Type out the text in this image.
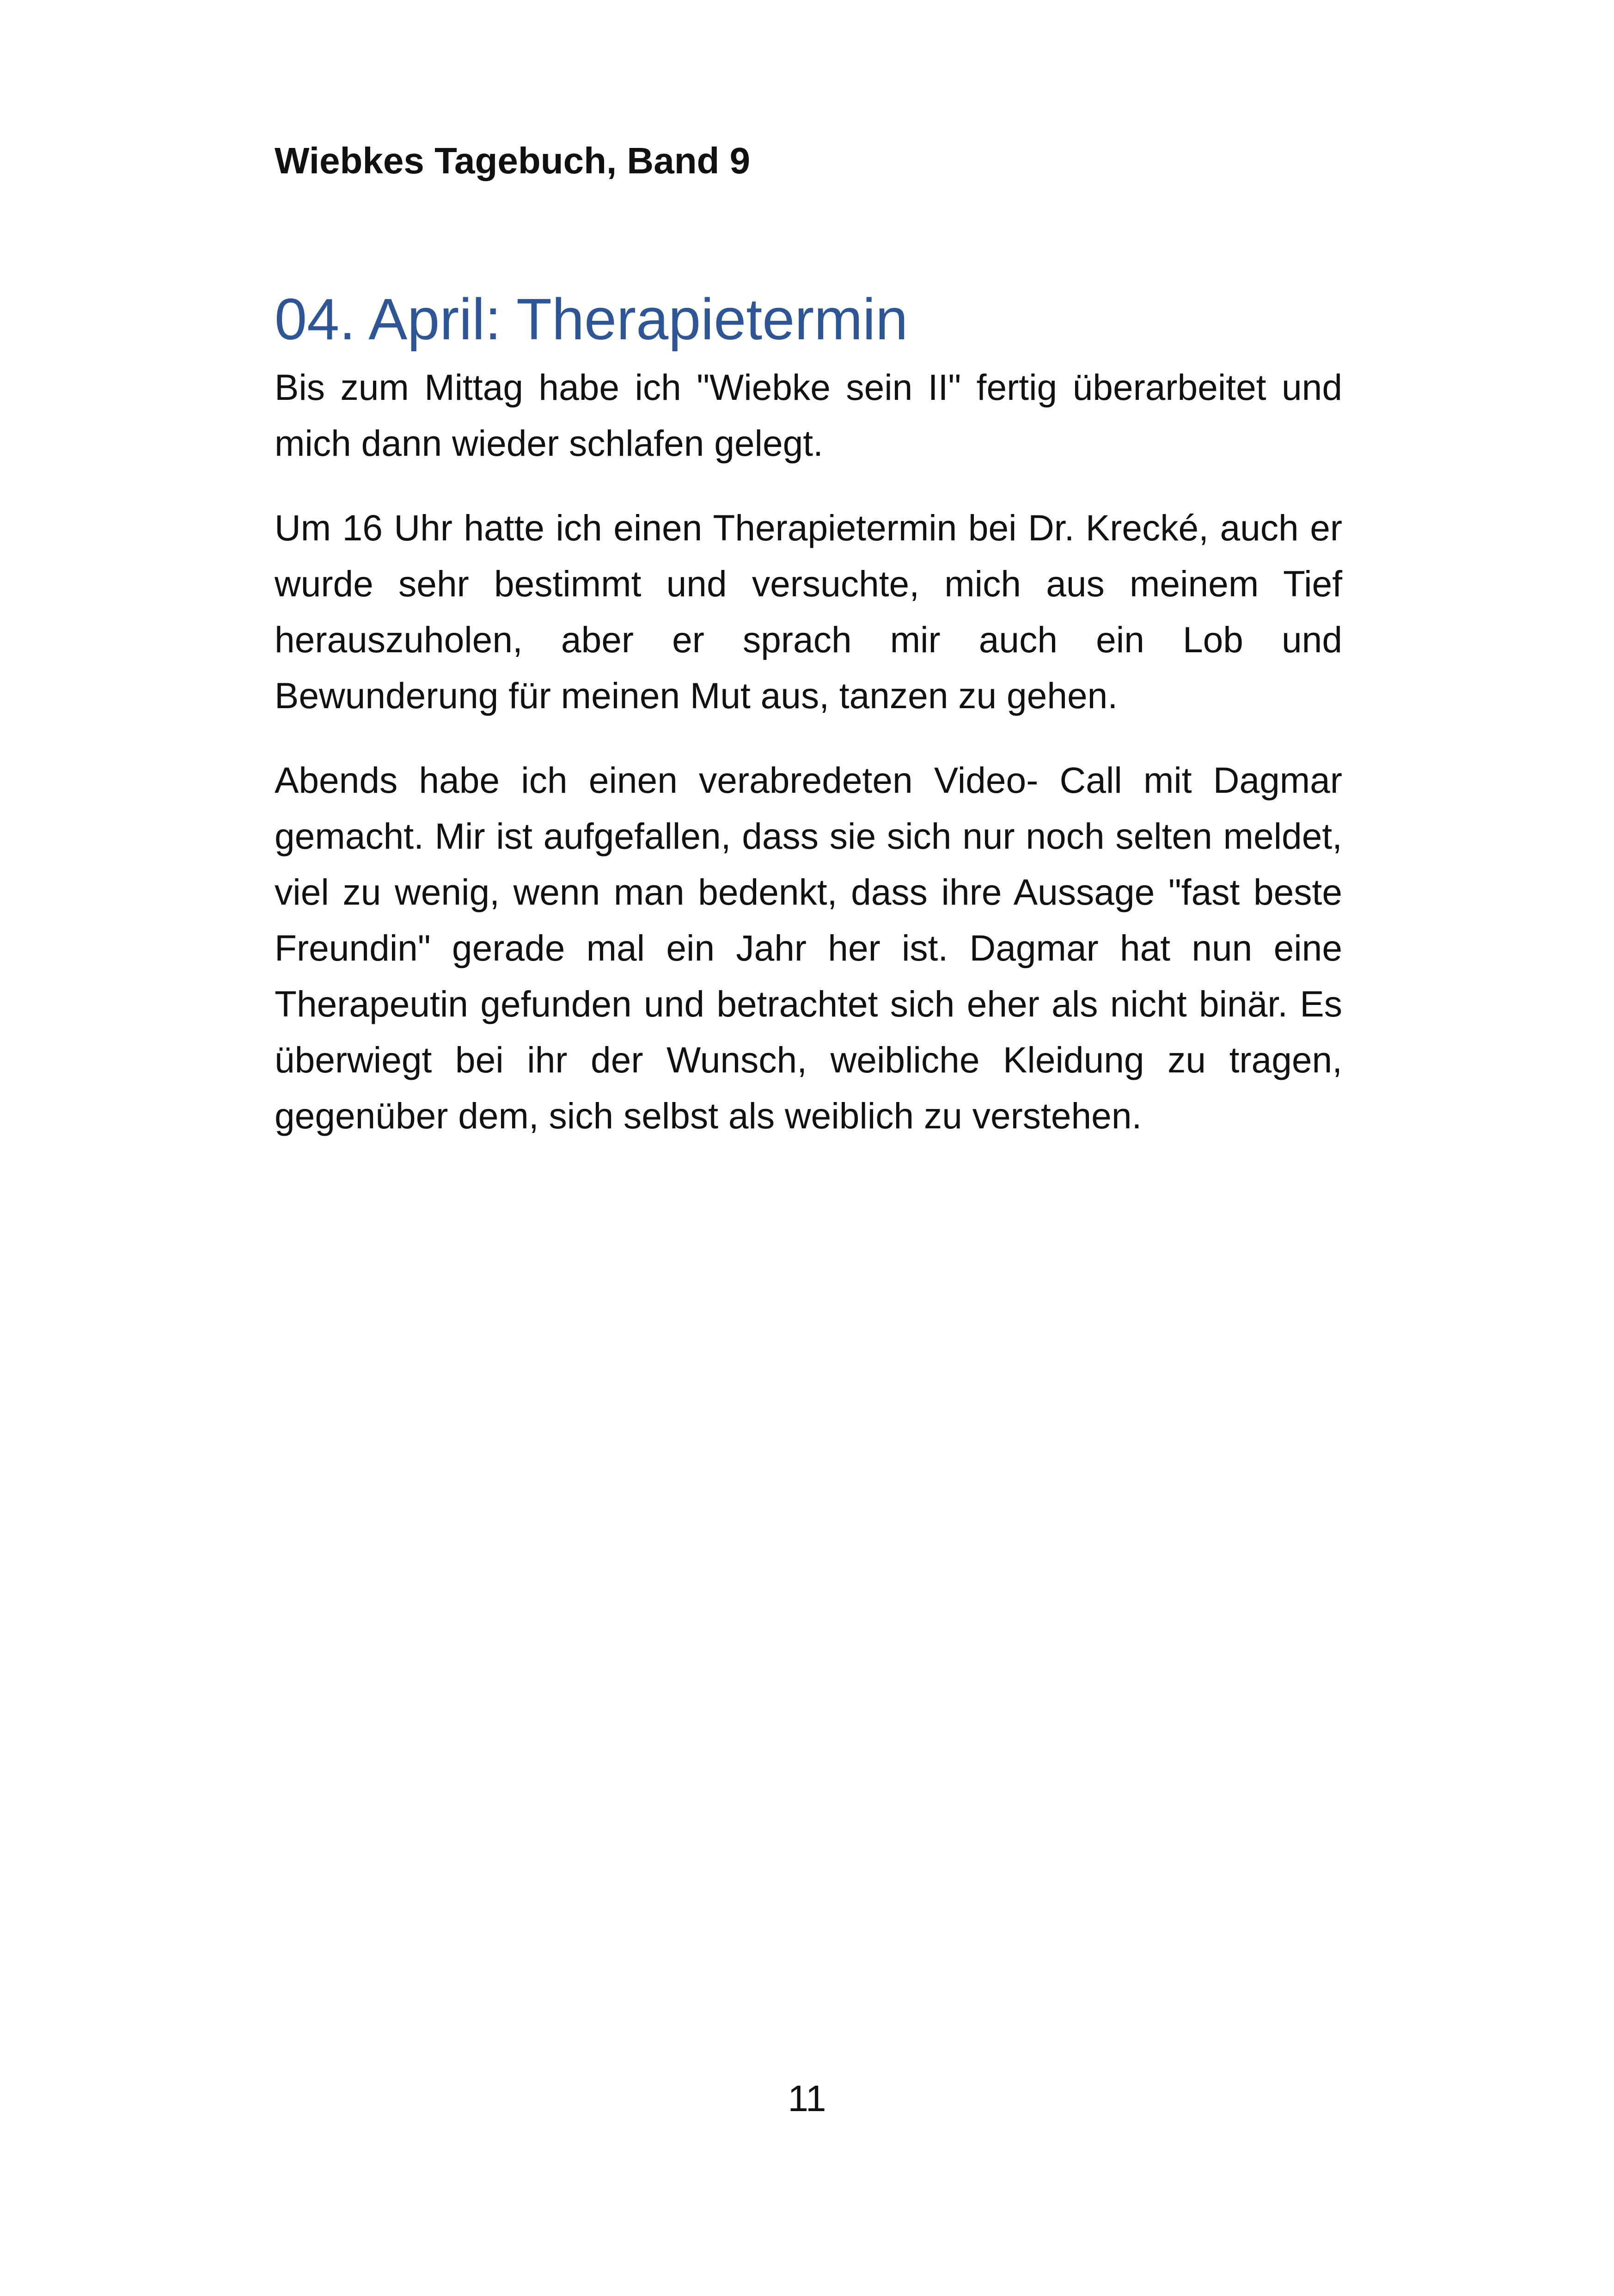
Wiebkes Tagebuch, Band 9
04. April: Therapietermin

Bis zum Mittag habe ich "Wiebke sein II" fertig überarbeitet und mich dann wieder schlafen gelegt.

Um 16 Uhr hatte ich einen Therapietermin bei Dr. Krecké, auch er wurde sehr bestimmt und versuchte, mich aus meinem Tief herauszuholen, aber er sprach mir auch ein Lob und Bewunderung für meinen Mut aus, tanzen zu gehen.

Abends habe ich einen verabredeten Video- Call mit Dagmar gemacht. Mir ist aufgefallen, dass sie sich nur noch selten meldet, viel zu wenig, wenn man bedenkt, dass ihre Aussage "fast beste Freundin" gerade mal ein Jahr her ist. Dagmar hat nun eine Therapeutin gefunden und betrachtet sich eher als nicht binär. Es überwiegt bei ihr der Wunsch, weibliche Kleidung zu tragen, gegenüber dem, sich selbst als weiblich zu verstehen.

11
